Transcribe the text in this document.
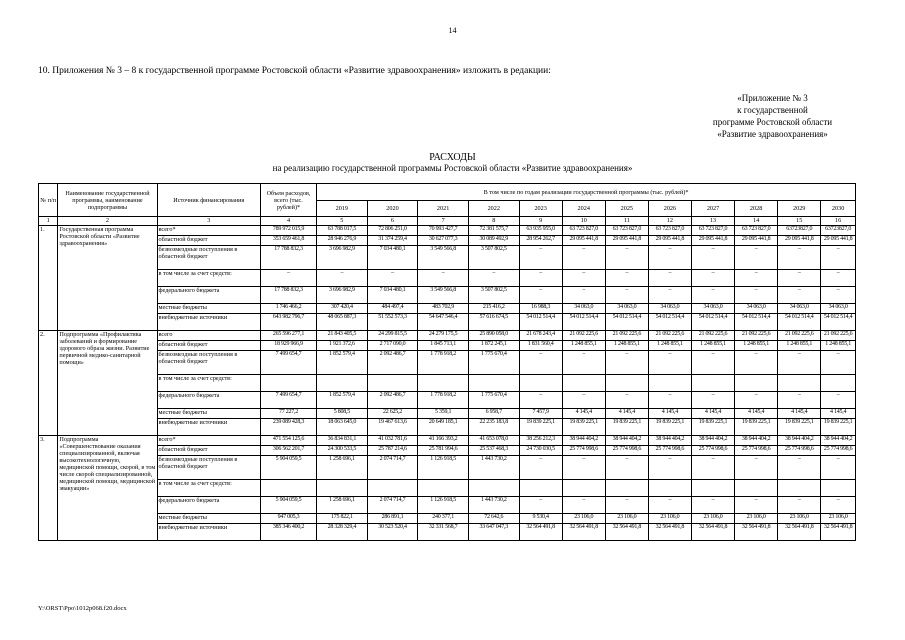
14
10. Приложения № 3 – 8 к государственной программе Ростовской области «Развитие здравоохранения» изложить в редакции:
«Приложение № 3
к государственной
программе Ростовской области
«Развитие здравоохранения»
РАСХОДЫ
на реализацию государственной программы Ростовской области «Развитие здравоохранения»
№ п/п	Наименование государственной программы, наименование подпрограммы	Источник финансирования	Объем расходов, всего (тыс. рублей)*	В том числе по годам реализации государственной программы (тыс. рублей)*											
				2019	2020	2021	2022	2023	2024	2025	2026	2027	2028	2029	2030
1	2	3	4	5	6	7	8	9	10	11	12	13	14	15	16
1.	Государственная программа Ростовской области «Развитие здравоохранения»	всего*	789 972 015,9	63 788 017,5	72 806 251,0	70 993 427,7	72 381 575,7	63 935 955,0	63 723 827,0	63 723 827,0	63 723 827,0	63 723 827,0	63 723 827,0	63723827,0	63723827,0
		областной бюджет	353 659 461,8	28 946 276,9	31 374 259,4	30 627 077,3	30 089 492,9	28 954 262,7	29 095 441,8	29 095 441,8	29 095 441,8	29 095 441,8	29 095 441,8	29 095 441,8	29 095 441,8
		безвозмездные поступления в областной бюджет	17 788 832,3	3 696 982,9	7 034 480,1	3 549 566,8	3 507 802,5	–	–	–	–	–	–	–	–
		в том числе за счет средств:	–	–	–	–	–	–	–	–	–	–	–	–	–
		федерального бюджета	17 788 832,3	3 696 982,9	7 034 480,1	3 549 566,8	3 507 802,5	–	–	–	–	–	–	–	–
		местные бюджеты	1 746 466,2	307 420,4	484 497,4	483 702,9	215 416,2	16 988,3	34 063,0	34 063,0	34 063,0	34 063,0	34 063,0	34 063,0	34 063,0
		внебюджетные источники	643 982 796,7	48 065 887,3	51 552 573,3	54 647 546,4	57 616 674,5	54 012 514,4	54 012 514,4	54 012 514,4	54 012 514,4	54 012 514,4	54 012 514,4	54 012 514,4	54 012 514,4
2.	Подпрограмма «Профилактика заболеваний и формирование здорового образа жизни. Развитие первичной медико-санитарной помощи»	всего	265 596 277,1	21 843 405,5	24 299 815,5	24 279 175,5	25 890 058,0	21 678 243,4	21 092 225,6	21 092 225,6	21 092 225,6	21 092 225,6	21 092 225,6	21 092 225,6	21 092 225,6
		областной бюджет	18 929 966,9	1 921 372,6	2 717 090,0	1 845 713,1	1 872 245,1	1 831 560,4	1 248 855,1	1 248 855,1	1 248 855,1	1 248 855,1	1 248 855,1	1 248 855,1	1 248 855,1
		безвозмездные поступления в областной бюджет	7 499 654,7	1 852 579,4	2 092 486,7	1 778 918,2	1 775 670,4	–	–	–	–	–	–	–	–
		в том числе за счет средств:													
		федерального бюджета	7 499 654,7	1 852 579,4	2 092 486,7	1 778 918,2	1 775 670,4	–	–	–	–	–	–	–	–
		местные бюджеты	77 227,2	5 808,5	22 625,2	5 359,1	6 958,7	7 457,9	4 145,4	4 145,4	4 145,4	4 145,4	4 145,4	4 145,4	4 145,4
		внебюджетные источники	239 089 428,3	18 063 645,0	19 467 613,6	20 649 185,1	22 235 183,8	19 839 225,1	19 839 225,1	19 839 225,1	19 839 225,1	19 839 225,1	19 839 225,1	19 839 225,1	19 839 225,1
3.	Подпрограмма «Совершенствование оказания специализированной, включая высокотехнологичную, медицинской помощи, скорой, в том числе скорой специализированной, медицинской помощи, медицинской эвакуации»	всего*	471 554 125,6	36 834 831,1	41 032 781,6	41 166 393,2	41 653 078,0	38 256 212,3	38 944 404,2	38 944 404,2	38 944 404,2	38 944 404,2	38 944 404,2	38 944 404,2	38 944 404,2
		областной бюджет	306 562 201,7	24 300 533,5	25 787 214,6	25 781 994,6	25 537 468,3	24 730 030,5	25 774 998,6	25 774 998,6	25 774 998,6	25 774 998,6	25 774 998,6	25 774 998,6	25 774 998,6
		безвозмездные поступления в областной бюджет	5 904 059,5	1 258 696,1	2 074 714,7	1 126 918,5	1 443 730,2	–	–	–	–	–	–	–	–
		в том числе за счет средств:													
		федерального бюджета	5 904 059,5	1 258 696,1	2 074 714,7	1 126 918,5	1 443 730,2	–	–	–	–	–	–	–	–
		местные бюджеты	947 005,3	175 822,1	286 891,1	240 377,1	72 642,6	9 530,4	23 106,0	23 106,0	23 106,0	23 106,0	23 106,0	23 106,0	23 106,0
		внебюджетные источники	385 346 400,2	28 328 329,4	30 523 520,4	32 331 568,7	33 647 047,3	32 564 491,8	32 564 491,8	32 564 491,8	32 564 491,8	32 564 491,8	32 564 491,8	32 564 491,8	32 564 491,8
Y:\ORST\Ppo\1012p068.f20.docx
